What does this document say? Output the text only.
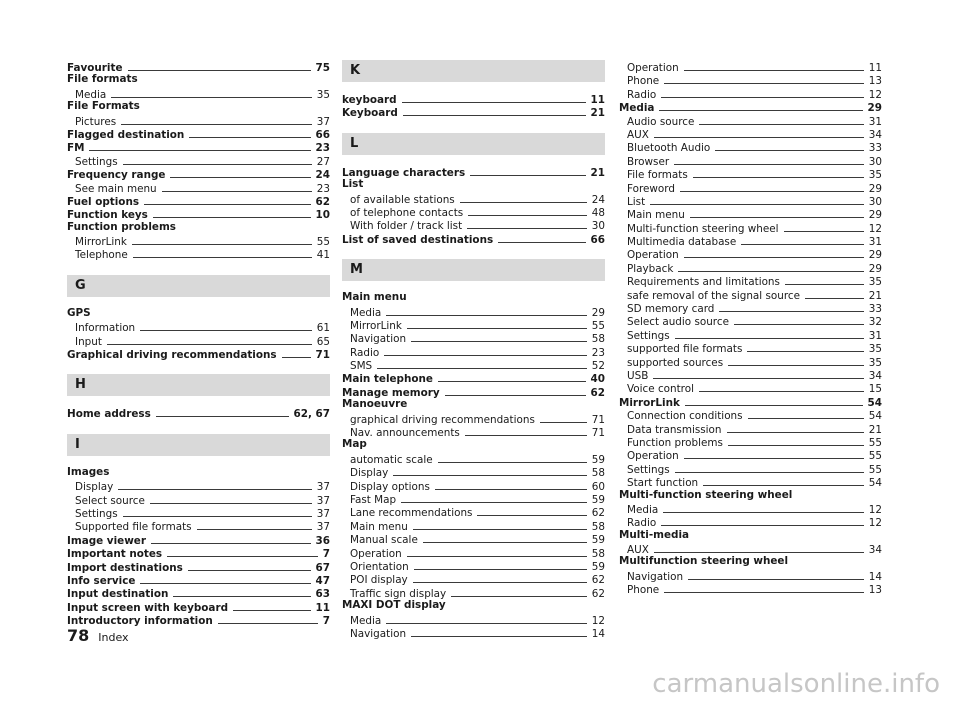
Favourite	75
File formats
Media	35
File Formats
Pictures	37
Flagged destination	66
FM	23
Settings	27
Frequency range	24
See main menu	23
Fuel options	62
Function keys	10
Function problems
MirrorLink	55
Telephone	41
G
GPS
Information	61
Input	65
Graphical driving recommendations	71
H
Home address	62, 67
I
Images
Display	37
Select source	37
Settings	37
Supported file formats	37
Image viewer	36
Important notes	7
Import destinations	67
Info service	47
Input destination	63
Input screen with keyboard	11
Introductory information	7
K
keyboard	11
Keyboard	21
L
Language characters	21
List
of available stations	24
of telephone contacts	48
With folder / track list	30
List of saved destinations	66
M
Main menu
Media	29
MirrorLink	55
Navigation	58
Radio	23
SMS	52
Main telephone	40
Manage memory	62
Manoeuvre
graphical driving recommendations	71
Nav. announcements	71
Map
automatic scale	59
Display	58
Display options	60
Fast Map	59
Lane recommendations	62
Main menu	58
Manual scale	59
Operation	58
Orientation	59
POI display	62
Traffic sign display	62
MAXI DOT display
Media	12
Navigation	14
Operation	11
Phone	13
Radio	12
Media	29
Audio source	31
AUX	34
Bluetooth Audio	33
Browser	30
File formats	35
Foreword	29
List	30
Main menu	29
Multi-function steering wheel	12
Multimedia database	31
Operation	29
Playback	29
Requirements and limitations	35
safe removal of the signal source	21
SD memory card	33
Select audio source	32
Settings	31
supported file formats	35
supported sources	35
USB	34
Voice control	15
MirrorLink	54
Connection conditions	54
Data transmission	21
Function problems	55
Operation	55
Settings	55
Start function	54
Multi-function steering wheel
Media	12
Radio	12
Multi-media
AUX	34
Multifunction steering wheel
Navigation	14
Phone	13
78 Index
carmanualsonline.info
